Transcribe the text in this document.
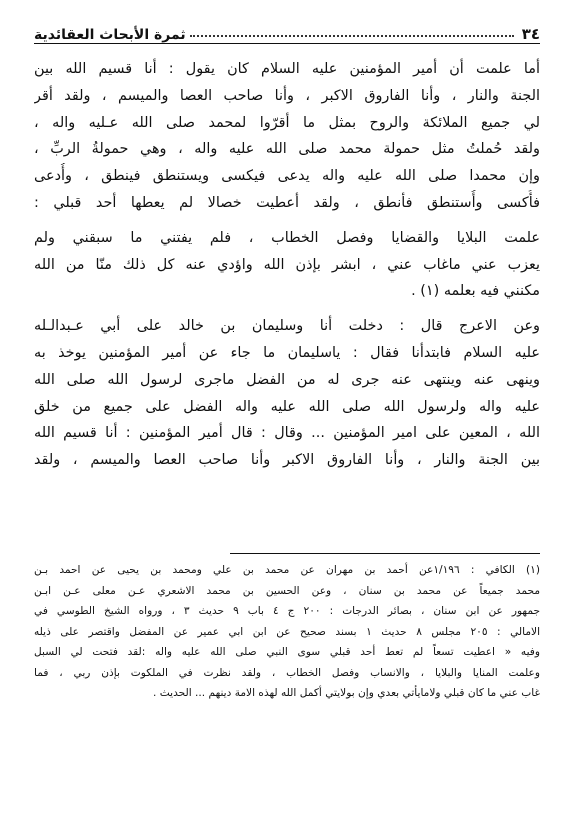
٣٤
ثمرة الأبحاث العقائدية
أما علمت أن أمير المؤمنين عليه السلام كان يقول : أنا قسيم الله بين
الجنة والنار ، وأنا الفاروق الاكبر ، وأنا صاحب العصا والميسم ، ولقد أقر
لي جميع الملائكة والروح بمثل ما أقرّوا لمحمد صلى الله عـليه واله ،
ولقد حُملتُ مثل حمولة محمد صلى الله عليه واله ، وهي حمولةُ الربِّ ،
وإن محمدا صلى الله عليه واله يدعى فيكسى ويستنطق فينطق ، وأُدعى
فأُكسى وأُستنطق فأنطق ، ولقد أعطيت خصالا لم يعطها أحد قبلي :
علمت البلايا والقضايا وفصل الخطاب ، فلم يفتني ما سبقني ولم
يعزب عني ماغاب عني ، ابشر بإذن الله واؤدي عنه كل ذلك منّا من الله
مكنني فيه بعلمه (١) .
وعن الاعرج قال : دخلت أنا وسليمان بن خالد على أبي عـبدالـله
عليه السلام فابتدأنا فقال : ياسليمان ما جاء عن أمير المؤمنين يوخذ به
وينهى عنه وينتهى عنه جرى له من الفضل ماجرى لرسول الله صلى الله
عليه واله ولرسول الله صلى الله عليه واله الفضل على جميع من خلق
الله ، المعين على امير المؤمنين ... وقال : قال أمير المؤمنين : أنا قسيم الله
بين الجنة والنار ، وأنا الفاروق الاكبر وأنا صاحب العصا والميسم ، ولقد
(١) الكافي : ١/١٩٦عن أحمد بن مهران عن محمد بن علي ومحمد بن يحيى عن احمد بـن
محمد جميعاً عن محمد بن سنان ، وعن الحسين بن محمد الاشعري عـن معلى عـن ابـن
جمهور عن ابن سنان ، بصائر الدرجات : ٢٠٠ ج ٤ باب ٩ حديث ٣ ، ورواه الشيخ الطوسي في
الامالي : ٢٠٥ مجلس ٨ حديث ١ بسند صحيح عن ابن ابي عمير عن المفضل واقتصر على ذيله
وفيه « اعطيت تسعاً لم تعط أحد قبلي سوى النبي صلى الله عليه واله :لقد فتحت لي السبل
وعلمت المنايا والبلايا ، والانساب وفصل الخطاب ، ولقد نظرت في الملكوت بإذن ربي ، فما
غاب عني ما كان قبلي ولامايأتي بعدي وإن بولايتي أكمل الله لهذه الامة دينهم ... الحديث .
